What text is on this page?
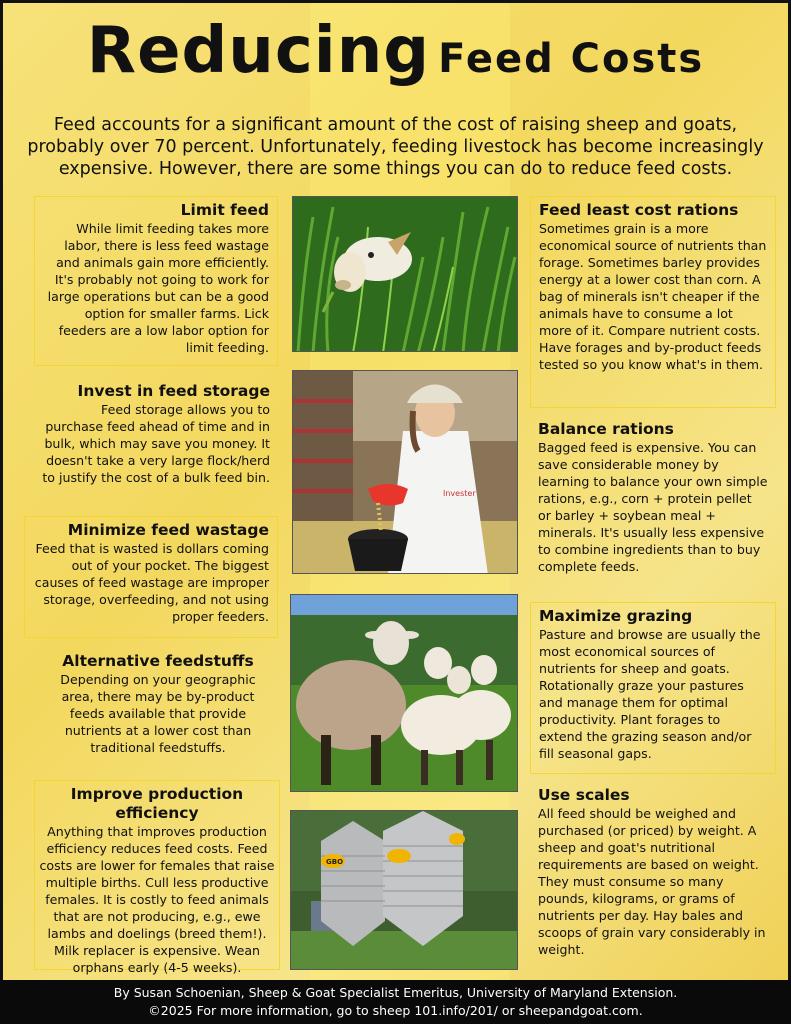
Reducing Feed Costs
Feed accounts for a significant amount of the cost of raising sheep and goats, probably over 70 percent. Unfortunately, feeding livestock has become increasingly expensive. However, there are some things you can do to reduce feed costs.
Limit feed

While limit feeding takes more labor, there is less feed wastage and animals gain more efficiently. It's probably not going to work for large operations but can be a good option for smaller farms. Lick feeders are a low labor option for limit feeding.

Invest in feed storage

Feed storage allows you to purchase feed ahead of time and in bulk, which may save you money. It doesn't take a very large flock/herd to justify the cost of a bulk feed bin.

Minimize feed wastage

Feed that is wasted is dollars coming out of your pocket. The biggest causes of feed wastage are improper storage, overfeeding, and not using proper feeders.

Alternative feedstuffs

Depending on your geographic area, there may be by-product feeds available that provide nutrients at a lower cost than traditional feedstuffs.

Improve production efficiency

Anything that improves production efficiency reduces feed costs. Feed costs are lower for females that raise multiple births. Cull less productive females. It is costly to feed animals that are not producing, e.g., ewe lambs and doelings (breed them!). Milk replacer is expensive. Wean orphans early (4-5 weeks).

Invester
GBO
Feed least cost rations

Sometimes grain is a more economical source of nutrients than forage. Sometimes barley provides energy at a lower cost than corn. A bag of minerals isn't cheaper if the animals have to consume a lot more of it. Compare nutrient costs. Have forages and by-product feeds tested so you know what's in them.

Balance rations

Bagged feed is expensive. You can save considerable money by learning to balance your own simple rations, e.g., corn + protein pellet or barley + soybean meal + minerals. It's usually less expensive to combine ingredients than to buy complete feeds.

Maximize grazing

Pasture and browse are usually the most economical sources of nutrients for sheep and goats. Rotationally graze your pastures and manage them for optimal productivity. Plant forages to extend the grazing season and/or fill seasonal gaps.

Use scales

All feed should be weighed and purchased (or priced) by weight. A sheep and goat's nutritional requirements are based on weight. They must consume so many pounds, kilograms, or grams of nutrients per day. Hay bales and scoops of grain vary considerably in weight.

By Susan Schoenian, Sheep & Goat Specialist Emeritus, University of Maryland Extension.
©2025 For more information, go to sheep 101.info/201/ or sheepandgoat.com.
